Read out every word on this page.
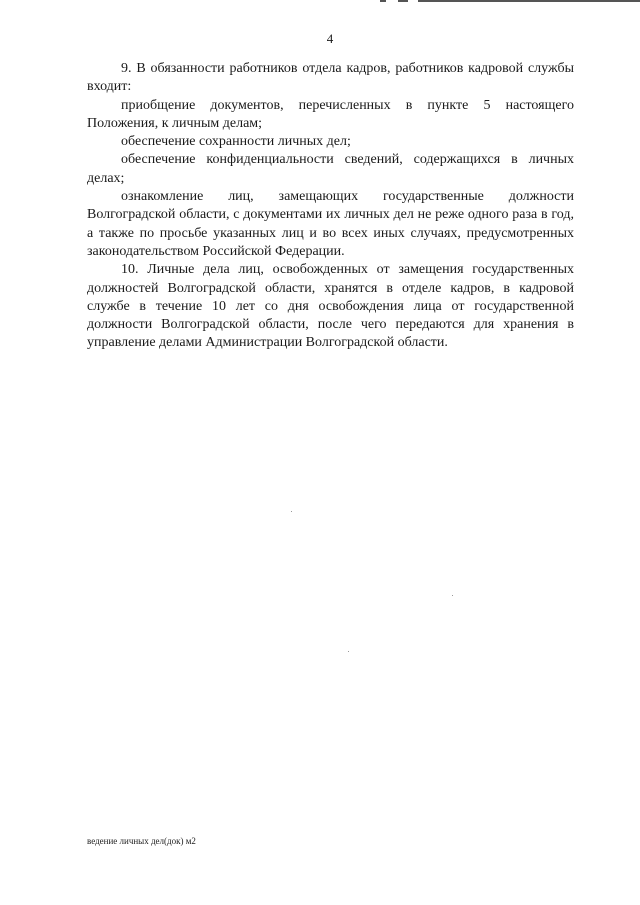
4

9. В обязанности работников отдела кадров, работников кадровой службы входит:

приобщение документов, перечисленных в пункте 5 настоящего Положения, к личным делам;

обеспечение сохранности личных дел;

обеспечение конфиденциальности сведений, содержащихся в личных делах;

ознакомление лиц, замещающих государственные должности Волгоградской области, с документами их личных дел не реже одного раза в год, а также по просьбе указанных лиц и во всех иных случаях, предусмотренных законодательством Российской Федерации.

10. Личные дела лиц, освобожденных от замещения государственных должностей Волгоградской области, хранятся в отделе кадров, в кадровой службе в течение 10 лет со дня освобождения лица от государственной должности Волгоградской области, после чего передаются для хранения в управление делами Администрации Волгоградской области.

ведение личных дел(док) м2
